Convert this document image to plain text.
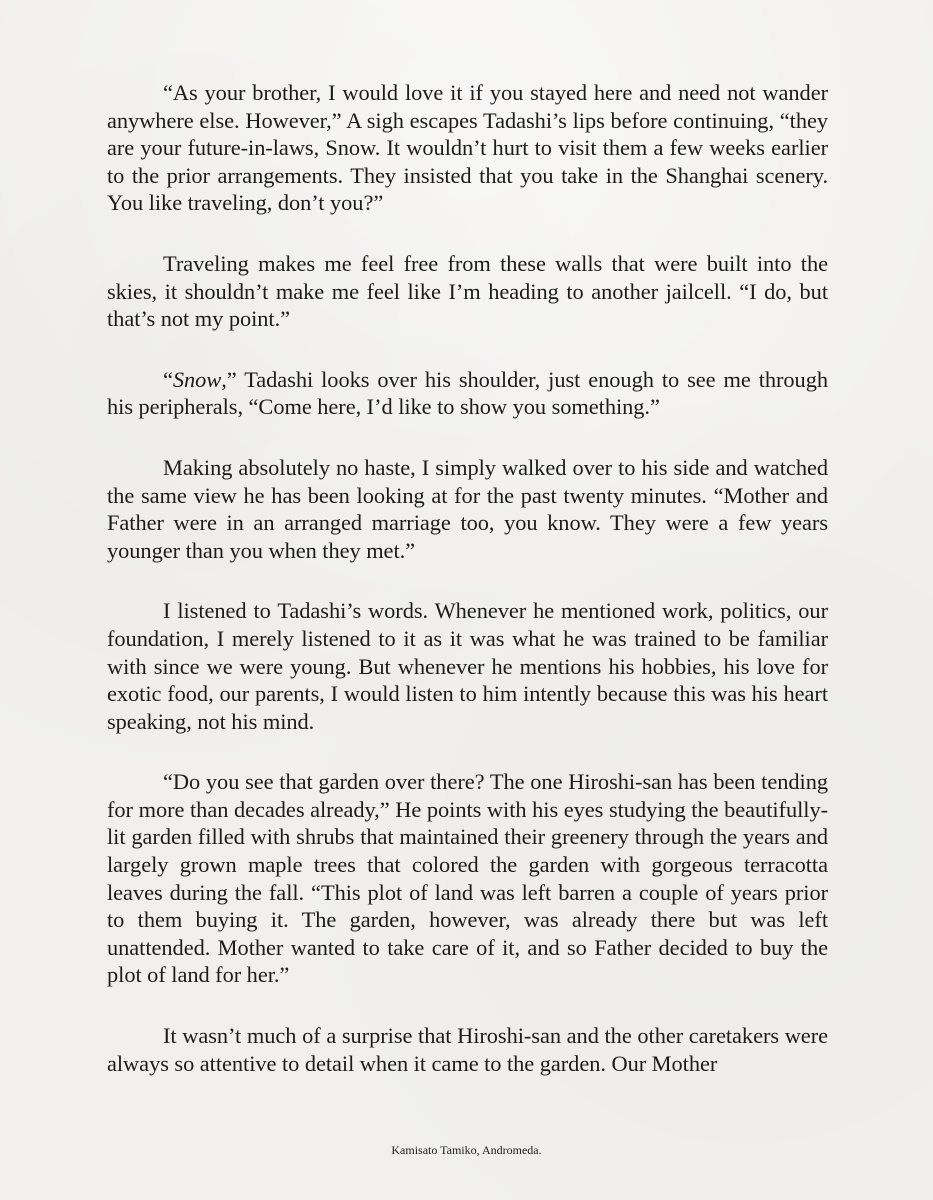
“As your brother, I would love it if you stayed here and need not wander anywhere else. However,” A sigh escapes Tadashi’s lips before continuing, “they are your future-in-laws, Snow. It wouldn’t hurt to visit them a few weeks earlier to the prior arrangements. They insisted that you take in the Shanghai scenery. You like traveling, don’t you?”

Traveling makes me feel free from these walls that were built into the skies, it shouldn’t make me feel like I’m heading to another jailcell. “I do, but that’s not my point.”

“Snow,” Tadashi looks over his shoulder, just enough to see me through his peripherals, “Come here, I’d like to show you something.”

Making absolutely no haste, I simply walked over to his side and watched the same view he has been looking at for the past twenty minutes. “Mother and Father were in an arranged marriage too, you know. They were a few years younger than you when they met.”

I listened to Tadashi’s words. Whenever he mentioned work, politics, our foundation, I merely listened to it as it was what he was trained to be familiar with since we were young. But whenever he mentions his hobbies, his love for exotic food, our parents, I would listen to him intently because this was his heart speaking, not his mind.

“Do you see that garden over there? The one Hiroshi-san has been tending for more than decades already,” He points with his eyes studying the beautifully-lit garden filled with shrubs that maintained their greenery through the years and largely grown maple trees that colored the garden with gorgeous terracotta leaves during the fall. “This plot of land was left barren a couple of years prior to them buying it. The garden, however, was already there but was left unattended. Mother wanted to take care of it, and so Father decided to buy the plot of land for her.”

It wasn’t much of a surprise that Hiroshi-san and the other caretakers were always so attentive to detail when it came to the garden. Our Mother

Kamisato Tamiko, Andromeda.
